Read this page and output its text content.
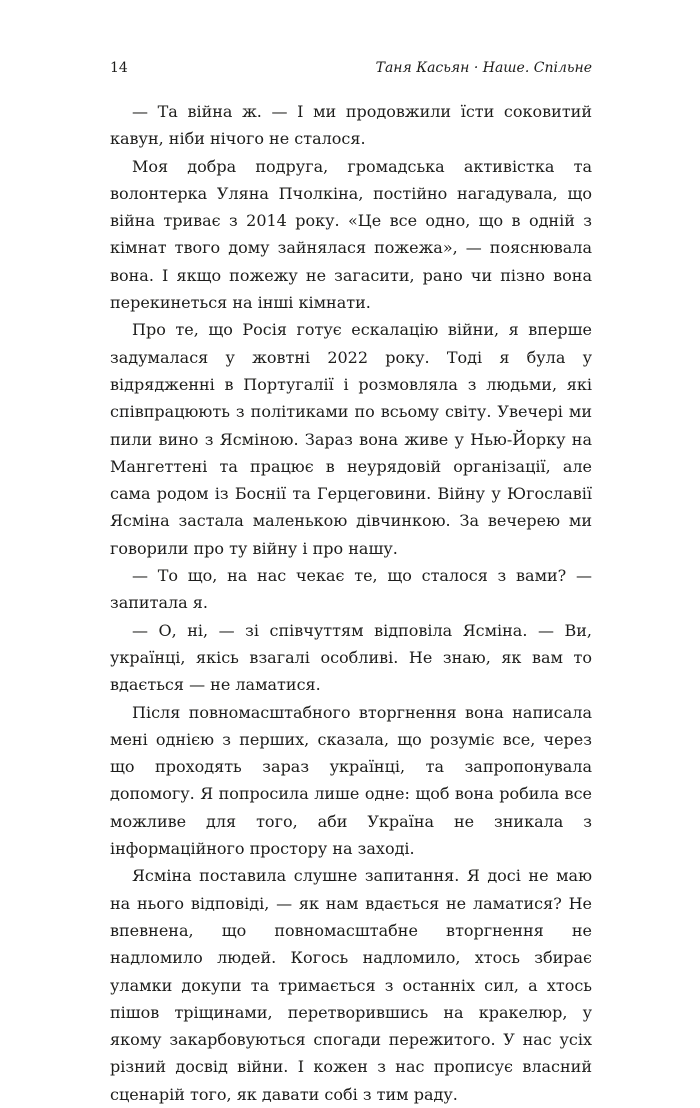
14	Таня Касьян · Наше. Спільне

— Та війна ж. — І ми продовжили їсти соковитий кавун, ніби нічого не сталося.

Моя добра подруга, громадська активістка та волонтерка Уляна Пчолкіна, постійно нагадувала, що війна триває з 2014 року. «Це все одно, що в одній з кімнат твого дому зайнялася пожежа», — пояснювала вона. І якщо пожежу не загасити, рано чи пізно вона перекинеться на інші кімнати.

Про те, що Росія готує ескалацію війни, я вперше задумалася у жовтні 2022 року. Тоді я була у відрядженні в Португалії і розмовляла з людьми, які співпрацюють з політиками по всьому світу. Увечері ми пили вино з Ясміною. Зараз вона живе у Нью-Йорку на Мангеттені та працює в неурядовій організації, але сама родом із Боснії та Герцеговини. Війну у Югославії Ясміна застала маленькою дівчинкою. За вечерею ми говорили про ту війну і про нашу.

— То що, на нас чекає те, що сталося з вами? — запитала я.

— О, ні, — зі співчуттям відповіла Ясміна. — Ви, українці, якісь взагалі особливі. Не знаю, як вам то вдається — не ламатися.

Після повномасштабного вторгнення вона написала мені однією з перших, сказала, що розуміє все, через що проходять зараз українці, та запропонувала допомогу. Я попросила лише одне: щоб вона робила все можливе для того, аби Україна не зникала з інформаційного простору на заході.

Ясміна поставила слушне запитання. Я досі не маю на нього відповіді, — як нам вдається не ламатися? Не впевнена, що повномасштабне вторгнення не надломило людей. Когось надломило, хтось збирає уламки докупи та тримається з останніх сил, а хтось пішов тріщинами, перетворившись на кракелюр, у якому закарбовуються спогади пережитого. У нас усіх різний досвід війни. І кожен з нас прописує власний сценарій того, як давати собі з тим раду.
